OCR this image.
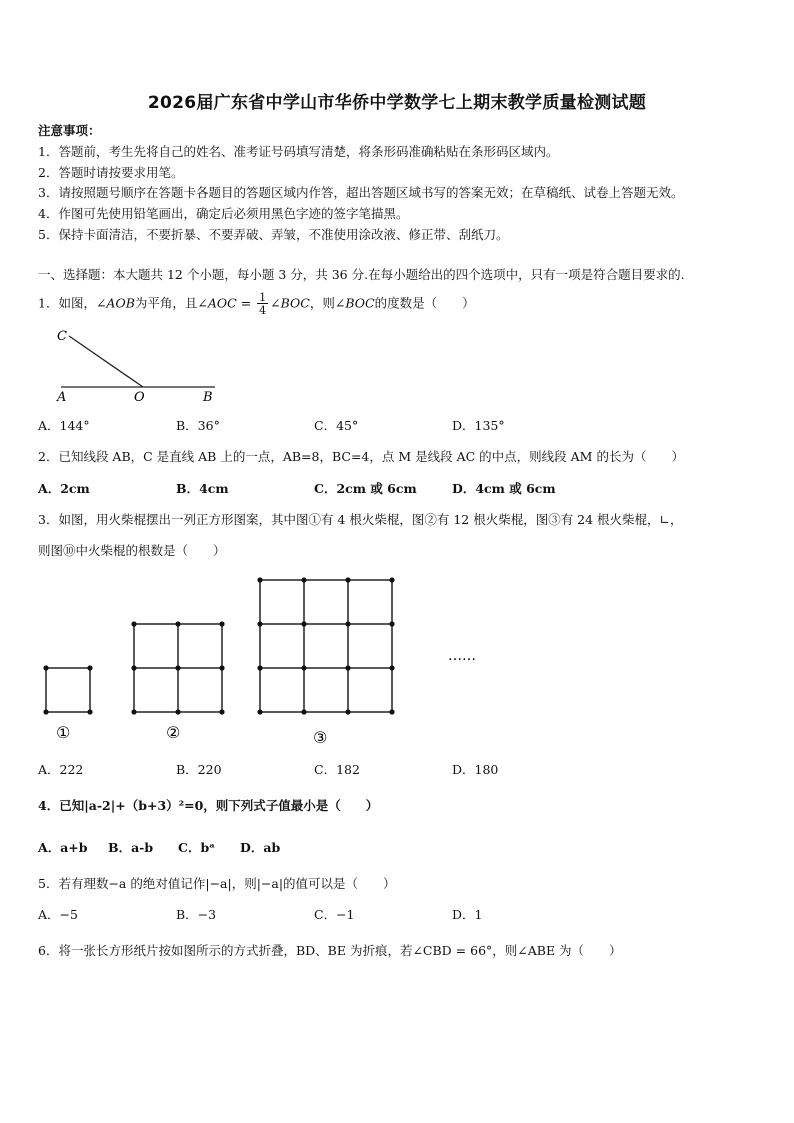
2026届广东省中学山市华侨中学数学七上期末教学质量检测试题
注意事项：
1．答题前，考生先将自己的姓名、准考证号码填写清楚，将条形码准确粘贴在条形码区域内。
2．答题时请按要求用笔。
3．请按照题号顺序在答题卡各题目的答题区域内作答，超出答题区域书写的答案无效；在草稿纸、试卷上答题无效。
4．作图可先使用铅笔画出，确定后必须用黑色字迹的签字笔描黑。
5．保持卡面清洁，不要折暴、不要弄破、弄皱，不准使用涂改液、修正带、刮纸刀。
一、选择题：本大题共 12 个小题，每小题 3 分，共 36 分.在每小题给出的四个选项中，只有一项是符合题目要求的.
1．如图，∠AOB为平角，且∠AOC = $\frac{1}{4}$ ∠BOC，则∠BOC的度数是（　　）
C
A	O	B
A．144°	B．36°	C．45°	D．135°
2．已知线段 AB，C 是直线 AB 上的一点，AB=8，BC=4，点 M 是线段 AC 的中点，则线段 AM 的长为（　　）
A．2cm	B．4cm	C．2cm 或 6cm	D．4cm 或 6cm
3．如图，用火柴棍摆出一列正方形图案，其中图①有 4 根火柴棍，图②有 12 根火柴棍，图③有 24 根火柴棍，∟，
则图⑩中火柴棍的根数是（　　）
①	②	③
……
A．222	B．220	C．182	D．180
4．已知|a-2|+（b+3）²=0，则下列式子值最小是（　　）
A．a+b B．a-b C．bᵃ D．ab
5．若有理数−a 的绝对值记作|−a|，则|−a|的值可以是（　　）
A．−5	B．−3	C．−1	D．1
6．将一张长方形纸片按如图所示的方式折叠，BD、BE 为折痕，若∠CBD = 66°，则∠ABE 为（　　）
